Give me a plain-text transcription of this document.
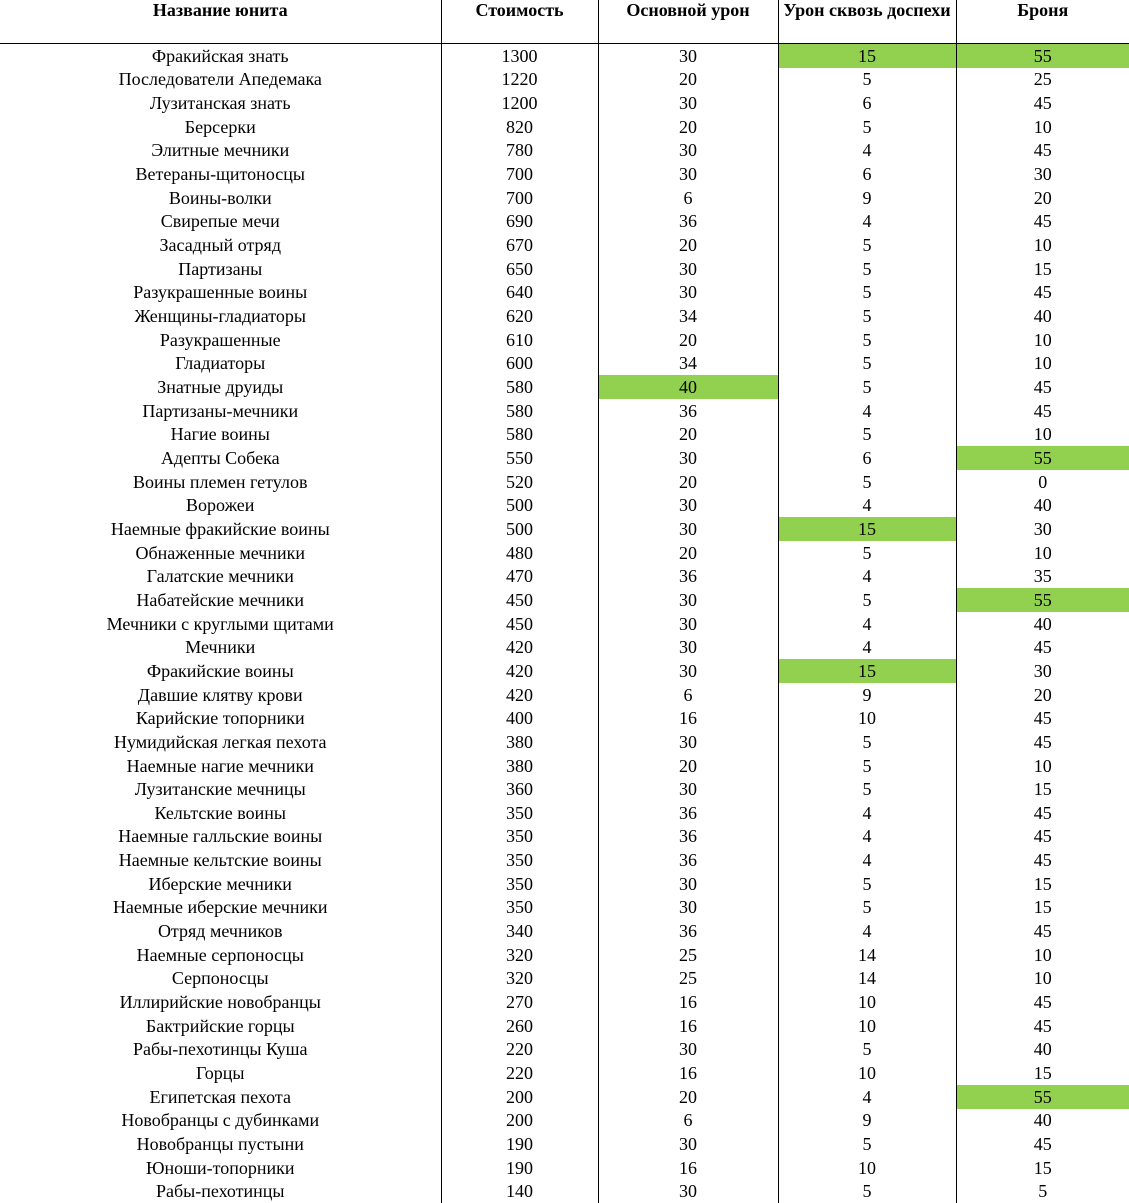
Название юнита	Стоимость	Основной урон	Урон сквозь доспехи	Броня
Фракийская знать	1300	30	15	55
Последователи Апедемака	1220	20	5	25
Лузитанская знать	1200	30	6	45
Берсерки	820	20	5	10
Элитные мечники	780	30	4	45
Ветераны-щитоносцы	700	30	6	30
Воины-волки	700	6	9	20
Свирепые мечи	690	36	4	45
Засадный отряд	670	20	5	10
Партизаны	650	30	5	15
Разукрашенные воины	640	30	5	45
Женщины-гладиаторы	620	34	5	40
Разукрашенные	610	20	5	10
Гладиаторы	600	34	5	10
Знатные друиды	580	40	5	45
Партизаны-мечники	580	36	4	45
Нагие воины	580	20	5	10
Адепты Собека	550	30	6	55
Воины племен гетулов	520	20	5	0
Ворожеи	500	30	4	40
Наемные фракийские воины	500	30	15	30
Обнаженные мечники	480	20	5	10
Галатские мечники	470	36	4	35
Набатейские мечники	450	30	5	55
Мечники с круглыми щитами	450	30	4	40
Мечники	420	30	4	45
Фракийские воины	420	30	15	30
Давшие клятву крови	420	6	9	20
Карийские топорники	400	16	10	45
Нумидийская легкая пехота	380	30	5	45
Наемные нагие мечники	380	20	5	10
Лузитанские мечницы	360	30	5	15
Кельтские воины	350	36	4	45
Наемные галльские воины	350	36	4	45
Наемные кельтские воины	350	36	4	45
Иберские мечники	350	30	5	15
Наемные иберские мечники	350	30	5	15
Отряд мечников	340	36	4	45
Наемные серпоносцы	320	25	14	10
Серпоносцы	320	25	14	10
Иллирийские новобранцы	270	16	10	45
Бактрийские горцы	260	16	10	45
Рабы-пехотинцы Куша	220	30	5	40
Горцы	220	16	10	15
Египетская пехота	200	20	4	55
Новобранцы с дубинками	200	6	9	40
Новобранцы пустыни	190	30	5	45
Юноши-топорники	190	16	10	15
Рабы-пехотинцы	140	30	5	5
